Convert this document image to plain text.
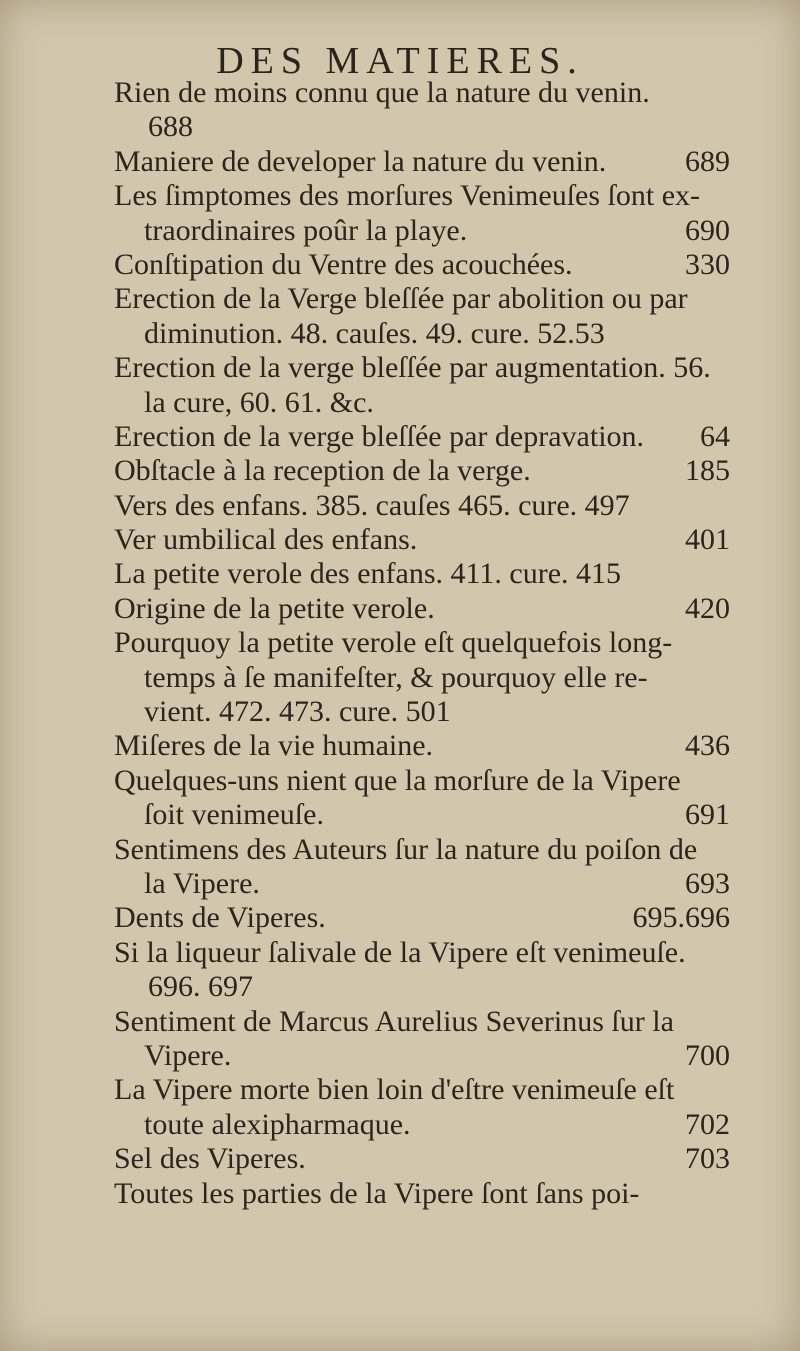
DES MATIERES.
Rien de moins connu que la nature du venin.
688
Maniere de developer la nature du venin.	689
Les ſimptomes des morſures Venimeuſes ſont ex-
traordinaires poûr la playe.	690
Conſtipation du Ventre des acouchées.	330
Erection de la Verge bleſſée par abolition ou par
diminution. 48. cauſes. 49. cure. 52.53
Erection de la verge bleſſée par augmentation. 56.
la cure, 60. 61. &c.
Erection de la verge bleſſée par depravation. 64
Obſtacle à la reception de la verge.	185
Vers des enfans. 385. cauſes 465. cure. 497
Ver umbilical des enfans.	401
La petite verole des enfans. 411. cure. 415
Origine de la petite verole.	420
Pourquoy la petite verole eſt quelquefois long-
temps à ſe manifeſter, & pourquoy elle re-
vient. 472. 473. cure. 501
Miſeres de la vie humaine.	436
Quelques-uns nient que la morſure de la Vipere
ſoit venimeuſe.	691
Sentimens des Auteurs ſur la nature du poiſon de
la Vipere.	693
Dents de Viperes.	695.696
Si la liqueur ſalivale de la Vipere eſt venimeuſe.
696. 697
Sentiment de Marcus Aurelius Severinus ſur la
Vipere.	700
La Vipere morte bien loin d'eſtre venimeuſe eſt
toute alexipharmaque.	702
Sel des Viperes.	703
Toutes les parties de la Vipere ſont ſans poi-
